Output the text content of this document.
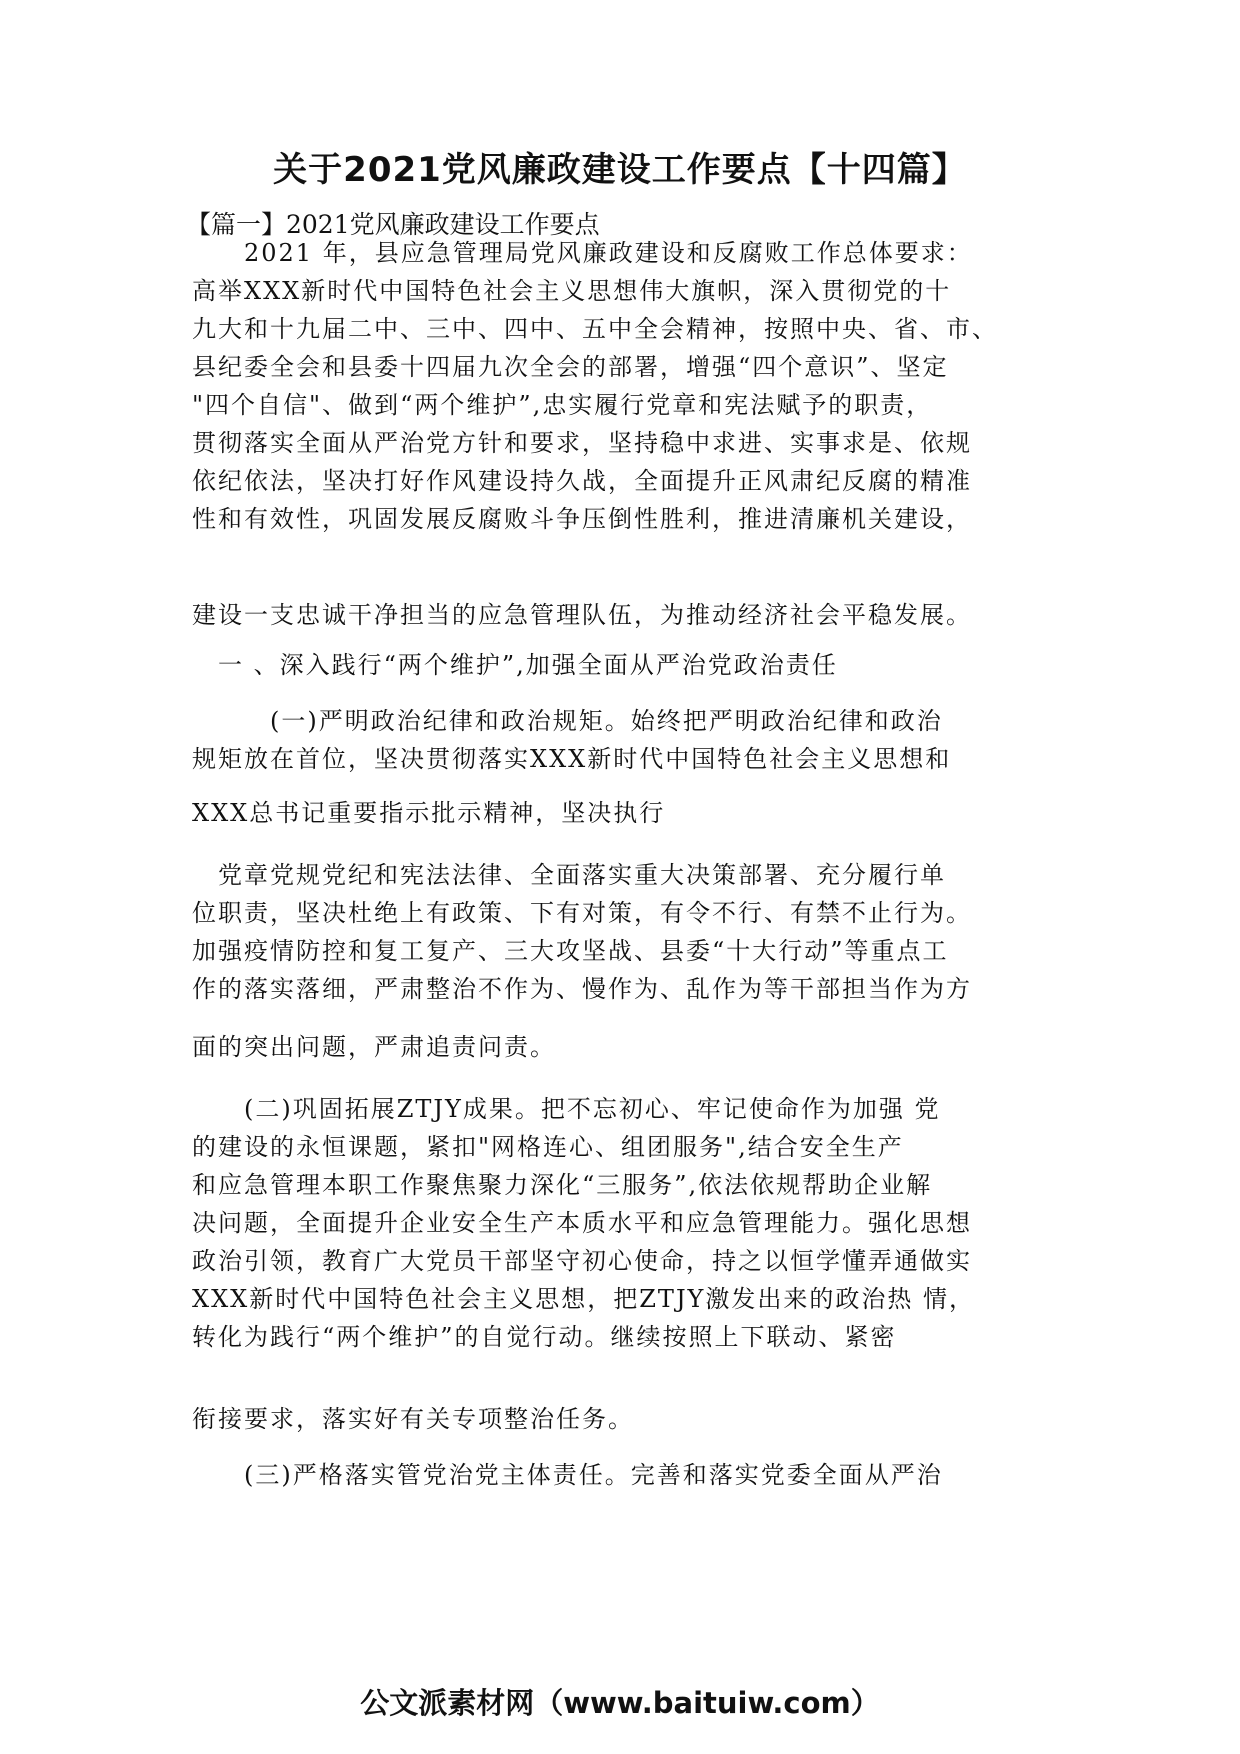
关于2021党风廉政建设工作要点【十四篇】
【篇一】2021党风廉政建设工作要点
　　2021 年，县应急管理局党风廉政建设和反腐败工作总体要求：
高举XXX新时代中国特色社会主义思想伟大旗帜，深入贯彻党的十
九大和十九届二中、三中、四中、五中全会精神，按照中央、省、市、
县纪委全会和县委十四届九次全会的部署，增强“四个意识”、坚定
"四个自信"、做到“两个维护”,忠实履行党章和宪法赋予的职责，
贯彻落实全面从严治党方针和要求，坚持稳中求进、实事求是、依规
依纪依法，坚决打好作风建设持久战，全面提升正风肃纪反腐的精准
性和有效性，巩固发展反腐败斗争压倒性胜利，推进清廉机关建设，
建设一支忠诚干净担当的应急管理队伍，为推动经济社会平稳发展。
　一 、深入践行“两个维护”,加强全面从严治党政治责任
　　　(一)严明政治纪律和政治规矩。始终把严明政治纪律和政治
规矩放在首位，坚决贯彻落实XXX新时代中国特色社会主义思想和
XXX总书记重要指示批示精神，坚决执行
　党章党规党纪和宪法法律、全面落实重大决策部署、充分履行单
位职责，坚决杜绝上有政策、下有对策，有令不行、有禁不止行为。
加强疫情防控和复工复产、三大攻坚战、县委“十大行动”等重点工
作的落实落细，严肃整治不作为、慢作为、乱作为等干部担当作为方
面的突出问题，严肃追责问责。
　　(二)巩固拓展ZTJY成果。把不忘初心、牢记使命作为加强 党
的建设的永恒课题，紧扣"网格连心、组团服务",结合安全生产
和应急管理本职工作聚焦聚力深化“三服务”,依法依规帮助企业解
决问题，全面提升企业安全生产本质水平和应急管理能力。强化思想
政治引领，教育广大党员干部坚守初心使命，持之以恒学懂弄通做实
XXX新时代中国特色社会主义思想，把ZTJY激发出来的政治热 情，
转化为践行“两个维护”的自觉行动。继续按照上下联动、紧密
衔接要求，落实好有关专项整治任务。
　　(三)严格落实管党治党主体责任。完善和落实党委全面从严治
公文派素材网（www.baituiw.com）
